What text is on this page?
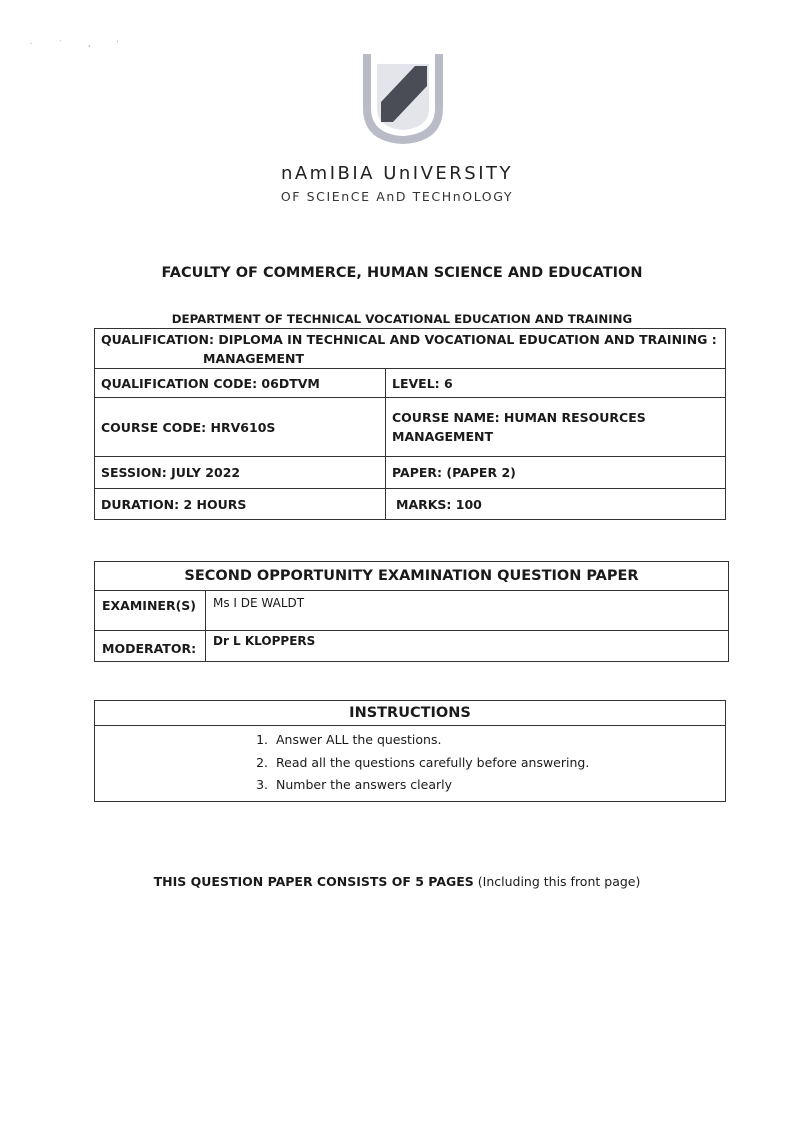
· ˙ , ˈ
nAmIBIA UnIVERSITY
OF SCIEnCE AnD TECHnOLOGY
FACULTY OF COMMERCE, HUMAN SCIENCE AND EDUCATION
DEPARTMENT OF TECHNICAL VOCATIONAL EDUCATION AND TRAINING
QUALIFICATION: DIPLOMA IN TECHNICAL AND VOCATIONAL EDUCATION AND TRAINING :
MANAGEMENT	

QUALIFICATION CODE: 06DTVM	LEVEL: 6
COURSE CODE: HRV610S	COURSE NAME: HUMAN RESOURCES MANAGEMENT
SESSION: JULY 2022	PAPER: (PAPER 2)
DURATION: 2 HOURS	MARKS: 100
SECOND OPPORTUNITY EXAMINATION QUESTION PAPER	
EXAMINER(S)	Ms I DE WALDT
MODERATOR:	Dr L KLOPPERS
INSTRUCTIONS

1. Answer ALL the questions.
2. Read all the questions carefully before answering.
3. Number the answers clearly
THIS QUESTION PAPER CONSISTS OF 5 PAGES (Including this front page)
